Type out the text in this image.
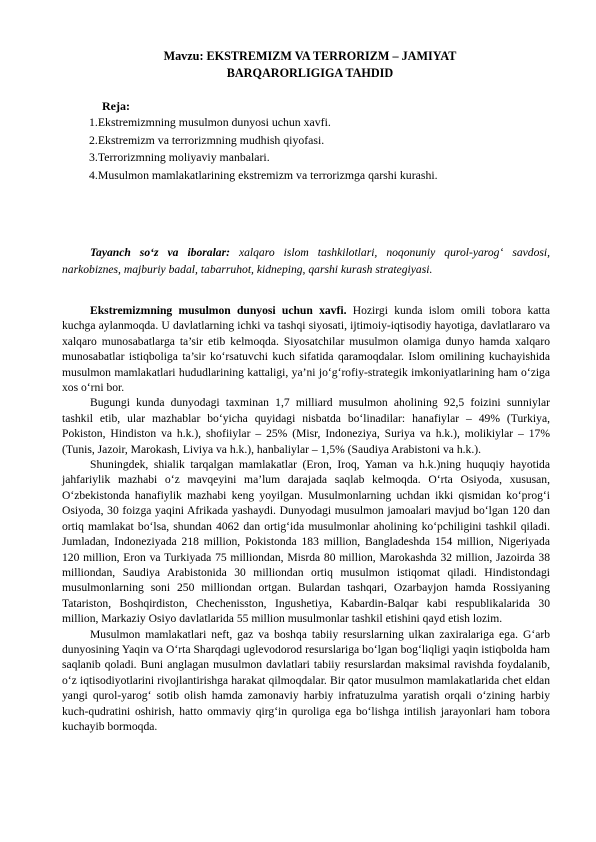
Mavzu: EKSTREMIZM VA TERRORIZM – JAMIYAT
BARQARORLIGIGA TAHDID
Reja:
1.Ekstremizmning musulmon dunyosi uchun xavfi.
2.Ekstremizm va terrorizmning mudhish qiyofasi.
3.Terrorizmning moliyaviy manbalari.
4.Musulmon mamlakatlarining ekstremizm va terrorizmga qarshi kurashi.

Tayanch so‘z va iboralar: xalqaro islom tashkilotlari, noqonuniy qurol-yarog‘ savdosi, narkobiznes, majburiy badal, tabarruhot, kidneping, qarshi kurash strategiyasi.

Ekstremizmning musulmon dunyosi uchun xavfi. Hozirgi kunda islom omili tobora katta kuchga aylanmoqda. U davlatlarning ichki va tashqi siyosati, ijtimoiy-iqtisodiy hayotiga, davlatlararo va xalqaro munosabatlarga ta’sir etib kelmoqda. Siyosatchilar musulmon olamiga dunyo hamda xalqaro munosabatlar istiqboliga ta’sir ko‘rsatuvchi kuch sifatida qaramoqdalar. Islom omilining kuchayishida musulmon mamlakatlari hududlarining kattaligi, ya’ni jo‘g‘rofiy-strategik imkoniyatlarining ham o‘ziga xos o‘rni bor.

Bugungi kunda dunyodagi taxminan 1,7 milliard musulmon aholining 92,5 foizini sunniylar tashkil etib, ular mazhablar bo‘yicha quyidagi nisbatda bo‘linadilar: hanafiylar – 49% (Turkiya, Pokiston, Hindiston va h.k.), shofiiylar – 25% (Misr, Indoneziya, Suriya va h.k.), molikiylar – 17% (Tunis, Jazoir, Marokash, Liviya va h.k.), hanbaliylar – 1,5% (Saudiya Arabistoni va h.k.).

Shuningdek, shialik tarqalgan mamlakatlar (Eron, Iroq, Yaman va h.k.)ning huquqiy hayotida jahfariylik mazhabi o‘z mavqeyini ma’lum darajada saqlab kelmoqda. O‘rta Osiyoda, xususan, O‘zbekistonda hanafiylik mazhabi keng yoyilgan. Musulmonlarning uchdan ikki qismidan ko‘prog‘i Osiyoda, 30 foizga yaqini Afrikada yashaydi. Dunyodagi musulmon jamoalari mavjud bo‘lgan 120 dan ortiq mamlakat bo‘lsa, shundan 4062 dan ortig‘ida musulmonlar aholining ko‘pchiligini tashkil qiladi. Jumladan, Indoneziyada 218 million, Pokistonda 183 million, Bangladeshda 154 million, Nigeriyada 120 million, Eron va Turkiyada 75 milliondan, Misrda 80 million, Marokashda 32 million, Jazoirda 38 milliondan, Saudiya Arabistonida 30 milliondan ortiq musulmon istiqomat qiladi. Hindistondagi musulmonlarning soni 250 milliondan ortgan. Bulardan tashqari, Ozarbayjon hamda Rossiyaning Tatariston, Boshqirdiston, Chechenisston, Ingushetiya, Kabardin-Balqar kabi respublikalarida 30 million, Markaziy Osiyo davlatlarida 55 million musulmonlar tashkil etishini qayd etish lozim.

Musulmon mamlakatlari neft, gaz va boshqa tabiiy resurslarning ulkan zaxiralariga ega. G‘arb dunyosining Yaqin va O‘rta Sharqdagi uglevodorod resurslariga bo‘lgan bog‘liqligi yaqin istiqbolda ham saqlanib qoladi. Buni anglagan musulmon davlatlari tabiiy resurslardan maksimal ravishda foydalanib, o‘z iqtisodiyotlarini rivojlantirishga harakat qilmoqdalar. Bir qator musulmon mamlakatlarida chet eldan yangi qurol-yarog‘ sotib olish hamda zamonaviy harbiy infratuzulma yaratish orqali o‘zining harbiy kuch-qudratini oshirish, hatto ommaviy qirg‘in quroliga ega bo‘lishga intilish jarayonlari ham tobora kuchayib bormoqda.
